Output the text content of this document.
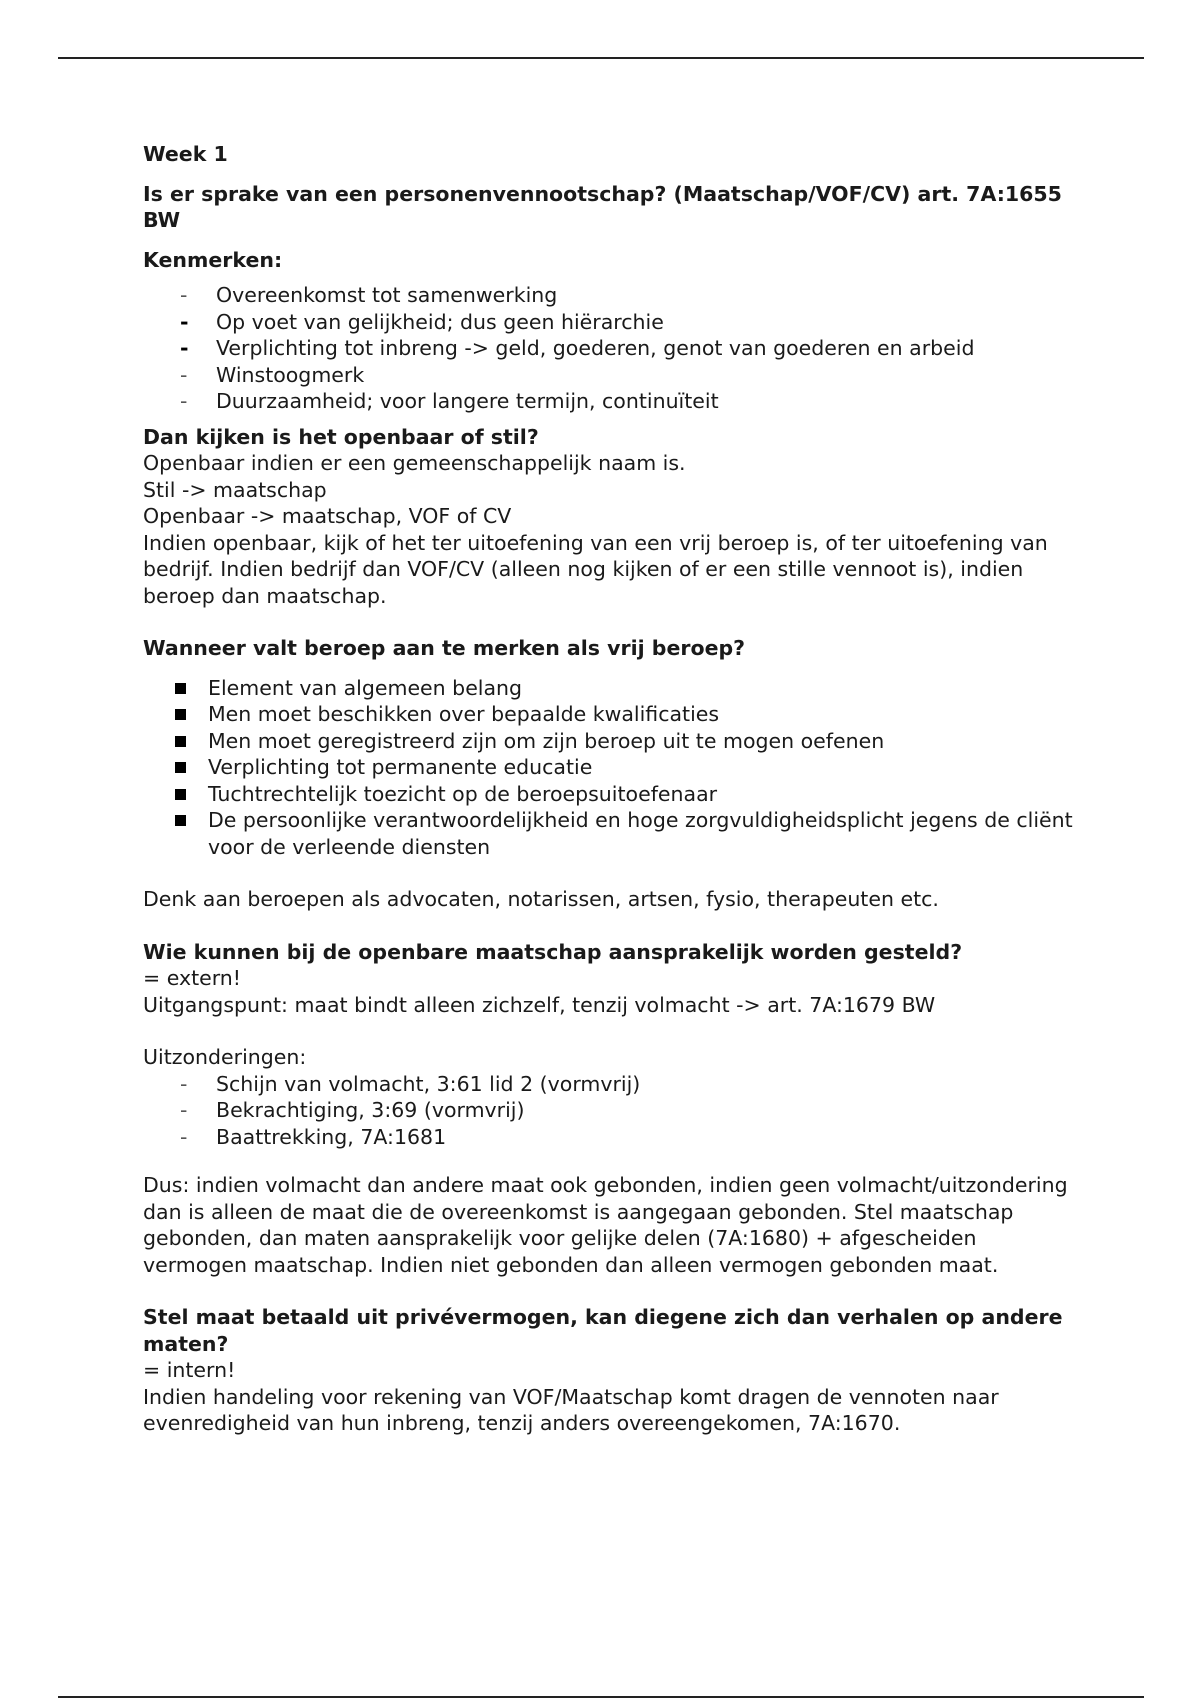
Week 1
Is er sprake van een personenvennootschap? (Maatschap/VOF/CV) art. 7A:1655 BW
Kenmerken:
- Overeenkomst tot samenwerking
- Op voet van gelijkheid; dus geen hiërarchie
- Verplichting tot inbreng -> geld, goederen, genot van goederen en arbeid
- Winstoogmerk
- Duurzaamheid; voor langere termijn, continuïteit
Dan kijken is het openbaar of stil?

Openbaar indien er een gemeenschappelijk naam is.

Stil -> maatschap

Openbaar -> maatschap, VOF of CV

Indien openbaar, kijk of het ter uitoefening van een vrij beroep is, of ter uitoefening van bedrijf. Indien bedrijf dan VOF/CV (alleen nog kijken of er een stille vennoot is), indien beroep dan maatschap.

Wanneer valt beroep aan te merken als vrij beroep?
Element van algemeen belang
Men moet beschikken over bepaalde kwalificaties
Men moet geregistreerd zijn om zijn beroep uit te mogen oefenen
Verplichting tot permanente educatie
Tuchtrechtelijk toezicht op de beroepsuitoefenaar
De persoonlijke verantwoordelijkheid en hoge zorgvuldigheidsplicht jegens de cliënt voor de verleende diensten

Denk aan beroepen als advocaten, notarissen, artsen, fysio, therapeuten etc.

Wie kunnen bij de openbare maatschap aansprakelijk worden gesteld?

= extern!

Uitgangspunt: maat bindt alleen zichzelf, tenzij volmacht -> art. 7A:1679 BW

Uitzonderingen:

- Schijn van volmacht, 3:61 lid 2 (vormvrij)
- Bekrachtiging, 3:69 (vormvrij)
- Baattrekking, 7A:1681

Dus: indien volmacht dan andere maat ook gebonden, indien geen volmacht/uitzondering dan is alleen de maat die de overeenkomst is aangegaan gebonden. Stel maatschap gebonden, dan maten aansprakelijk voor gelijke delen (7A:1680) + afgescheiden vermogen maatschap. Indien niet gebonden dan alleen vermogen gebonden maat.

Stel maat betaald uit privévermogen, kan diegene zich dan verhalen op andere maten?

= intern!

Indien handeling voor rekening van VOF/Maatschap komt dragen de vennoten naar evenredigheid van hun inbreng, tenzij anders overeengekomen, 7A:1670.
